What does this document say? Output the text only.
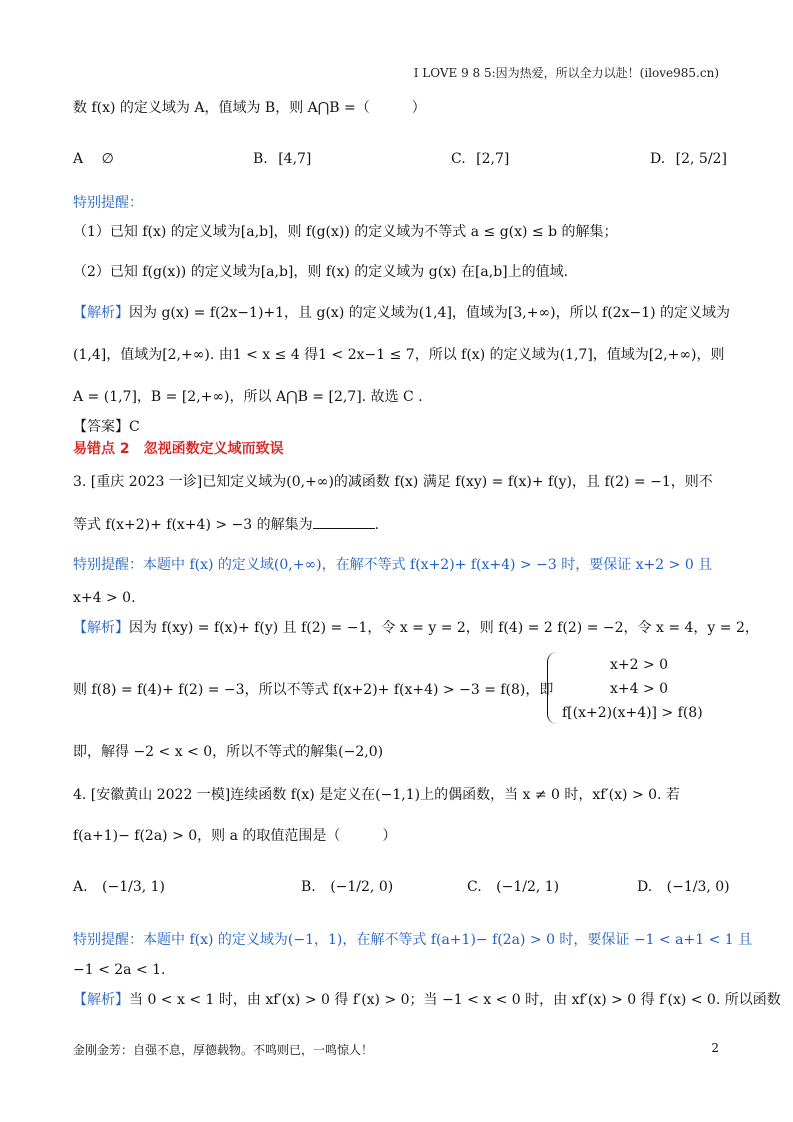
I LOVE 9 8 5:因为热爱，所以全力以赴！(ilove985.cn)
数 f(x) 的定义域为 A，值域为 B，则 A⋂B =（　　　）
A ∅	B. [4,7]	C. [2,7]	D. [2, 5/2]
特别提醒：
（1）已知 f(x) 的定义域为[a,b]，则 f(g(x)) 的定义域为不等式 a ≤ g(x) ≤ b 的解集；
（2）已知 f(g(x)) 的定义域为[a,b]，则 f(x) 的定义域为 g(x) 在[a,b]上的值域.
【解析】因为 g(x) = f(2x−1)+1，且 g(x) 的定义域为(1,4]，值域为[3,+∞)，所以 f(2x−1) 的定义域为
(1,4]，值域为[2,+∞). 由1 < x ≤ 4 得1 < 2x−1 ≤ 7，所以 f(x) 的定义域为(1,7]，值域为[2,+∞)，则
A = (1,7]，B = [2,+∞)，所以 A⋂B = [2,7]. 故选 C .
【答案】C
易错点 2　忽视函数定义域而致误
3. [重庆 2023 一诊]已知定义域为(0,+∞)的减函数 f(x) 满足 f(xy) = f(x)+ f(y)，且 f(2) = −1，则不
等式 f(x+2)+ f(x+4) > −3 的解集为	.
特别提醒：本题中 f(x) 的定义域(0,+∞)，在解不等式 f(x+2)+ f(x+4) > −3 时，要保证 x+2 > 0 且
x+4 > 0.
【解析】因为 f(xy) = f(x)+ f(y) 且 f(2) = −1，令 x = y = 2，则 f(4) = 2 f(2) = −2，令 x = 4，y = 2，
则 f(8) = f(4)+ f(2) = −3，所以不等式 f(x+2)+ f(x+4) > −3 = f(8)，即
x+2 > 0
x+4 > 0
f[(x+2)(x+4)] > f(8)
即，解得 −2 < x < 0，所以不等式的解集(−2,0)
4. [安徽黄山 2022 一模]连续函数 f(x) 是定义在(−1,1)上的偶函数，当 x ≠ 0 时，xf′(x) > 0. 若
f(a+1)− f(2a) > 0，则 a 的取值范围是（　　　）
A. (−1/3, 1)	B. (−1/2, 0)	C. (−1/2, 1)	D. (−1/3, 0)
特别提醒：本题中 f(x) 的定义域为(−1，1)，在解不等式 f(a+1)− f(2a) > 0 时，要保证 −1 < a+1 < 1 且
−1 < 2a < 1.
【解析】当 0 < x < 1 时，由 xf′(x) > 0 得 f′(x) > 0；当 −1 < x < 0 时，由 xf′(x) > 0 得 f′(x) < 0. 所以函数
金刚金芳：自强不息，厚德载物。不鸣则已，一鸣惊人！	2
